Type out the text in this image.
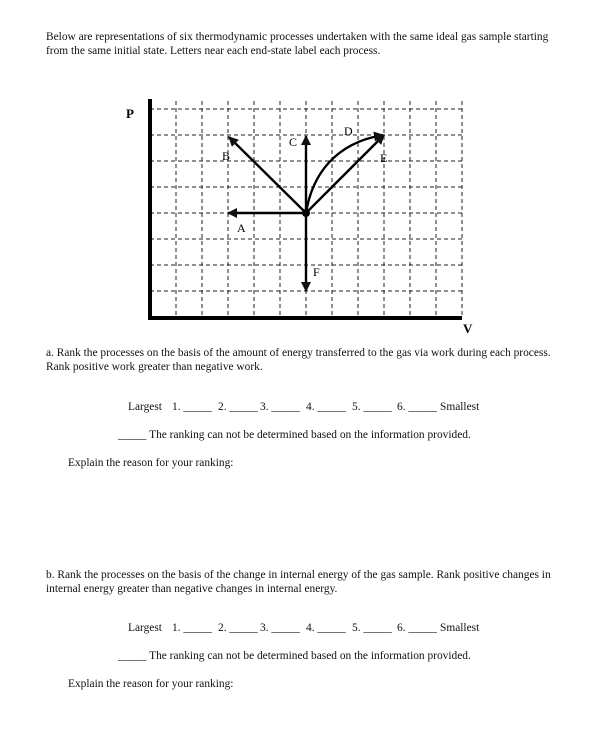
Below are representations of six thermodynamic processes undertaken with the same ideal gas sample starting from the same initial state. Letters near each end-state label each process.

P
V
A
B
C
D
E
F

a. Rank the processes on the basis of the amount of energy transferred to the gas via work during each process. Rank positive work greater than negative work.

Largest 1. _____ 2. _____ 3. _____ 4. _____ 5. _____ 6. _____ Smallest
_____ The ranking can not be determined based on the information provided.
Explain the reason for your ranking:

b. Rank the processes on the basis of the change in internal energy of the gas sample. Rank positive changes in internal energy greater than negative changes in internal energy.

Largest 1. _____ 2. _____ 3. _____ 4. _____ 5. _____ 6. _____ Smallest
_____ The ranking can not be determined based on the information provided.
Explain the reason for your ranking:
